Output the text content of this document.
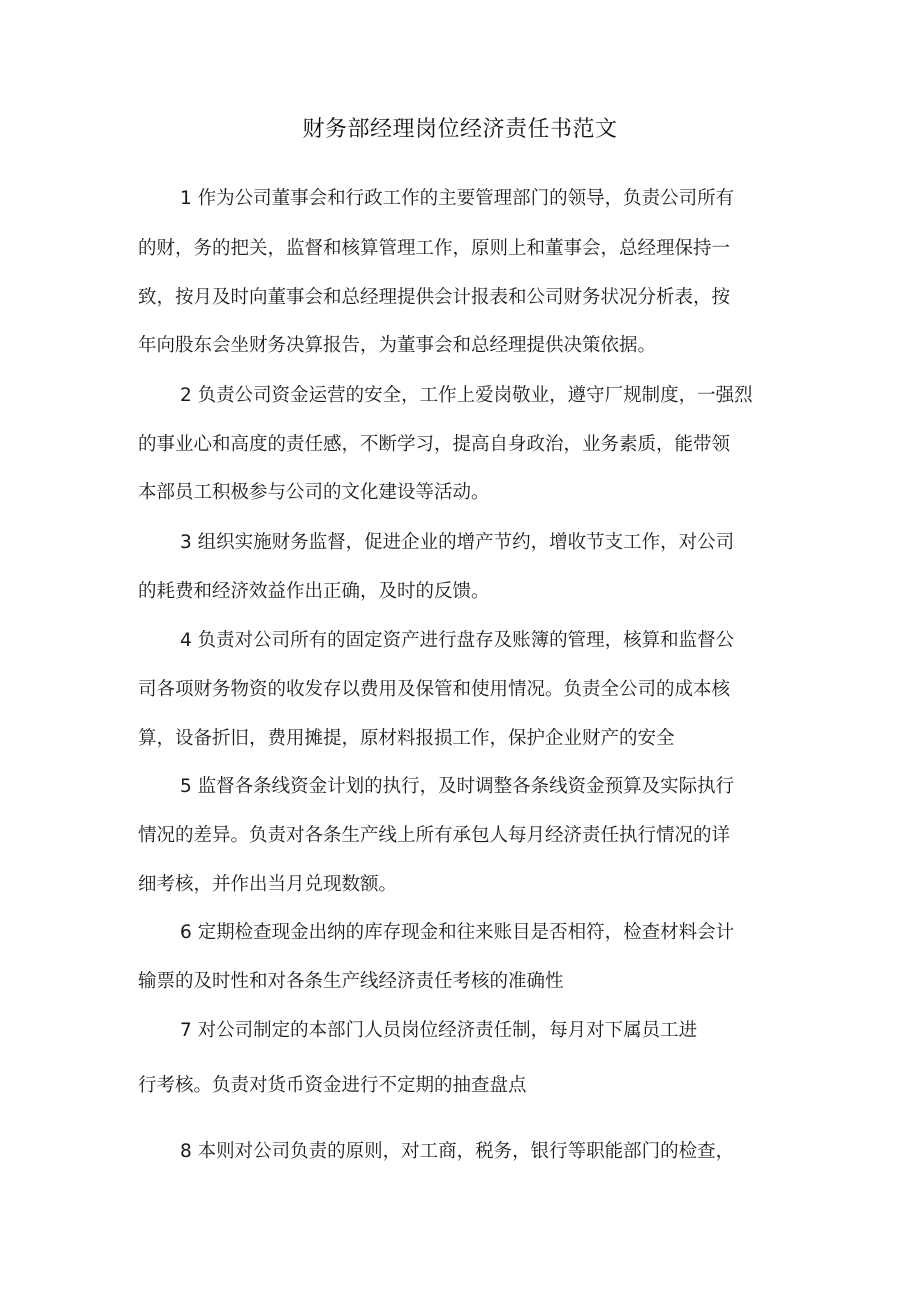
财务部经理岗位经济责任书范文
1 作为公司董事会和行政工作的主要管理部门的领导，负责公司所有
的财，务的把关，监督和核算管理工作，原则上和董事会，总经理保持一
致，按月及时向董事会和总经理提供会计报表和公司财务状况分析表，按
年向股东会坐财务决算报告，为董事会和总经理提供决策依据。
2 负责公司资金运营的安全，工作上爱岗敬业，遵守厂规制度，一强烈
的事业心和高度的责任感，不断学习，提高自身政治，业务素质，能带领
本部员工积极参与公司的文化建设等活动。
3 组织实施财务监督，促进企业的增产节约，增收节支工作，对公司
的耗费和经济效益作出正确，及时的反馈。
4 负责对公司所有的固定资产进行盘存及账簿的管理，核算和监督公
司各项财务物资的收发存以费用及保管和使用情况。负责全公司的成本核
算，设备折旧，费用摊提，原材料报损工作，保护企业财产的安全
5 监督各条线资金计划的执行，及时调整各条线资金预算及实际执行
情况的差异。负责对各条生产线上所有承包人每月经济责任执行情况的详
细考核，并作出当月兑现数额。
6 定期检查现金出纳的库存现金和往来账目是否相符，检查材料会计
输票的及时性和对各条生产线经济责任考核的准确性
7 对公司制定的本部门人员岗位经济责任制，每月对下属员工进
行考核。负责对货币资金进行不定期的抽查盘点
8 本则对公司负责的原则，对工商，税务，银行等职能部门的检查，
